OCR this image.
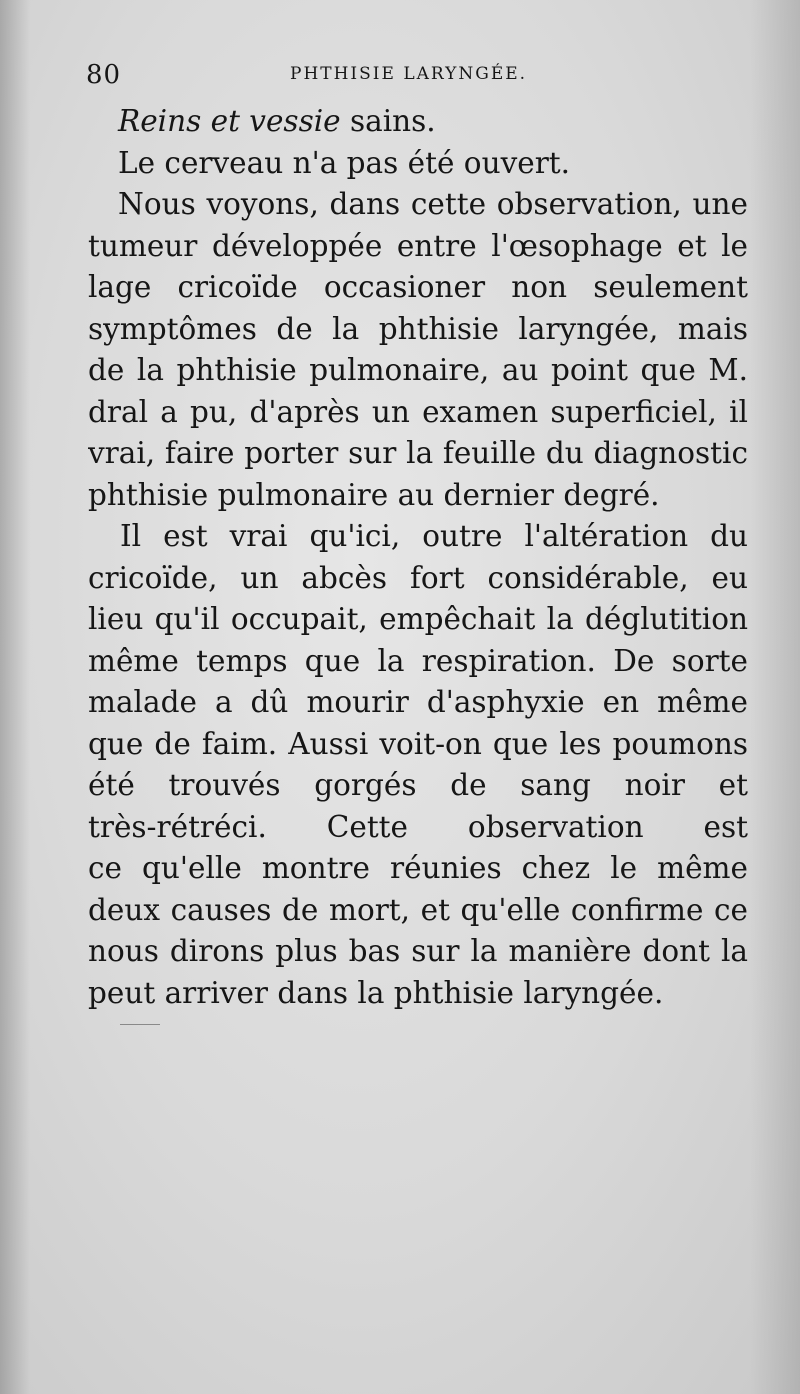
80	PHTHISIE LARYNGÉE.
Reins et vessie sains.
Le cerveau n'a pas été ouvert.
Nous voyons, dans cette observation, une
tumeur développée entre l'œsophage et le
lage cricoïde occasioner non seulement
symptômes de la phthisie laryngée, mais
de la phthisie pulmonaire, au point que M.
dral a pu, d'après un examen superficiel, il
vrai, faire porter sur la feuille du diagnostic
phthisie pulmonaire au dernier degré.
Il est vrai qu'ici, outre l'altération du
cricoïde, un abcès fort considérable, eu
lieu qu'il occupait, empêchait la déglutition
même temps que la respiration. De sorte
malade a dû mourir d'asphyxie en même
que de faim. Aussi voit-on que les poumons
été trouvés gorgés de sang noir et
très-rétréci. Cette observation est
ce qu'elle montre réunies chez le même
deux causes de mort, et qu'elle confirme ce
nous dirons plus bas sur la manière dont la
peut arriver dans la phthisie laryngée.
